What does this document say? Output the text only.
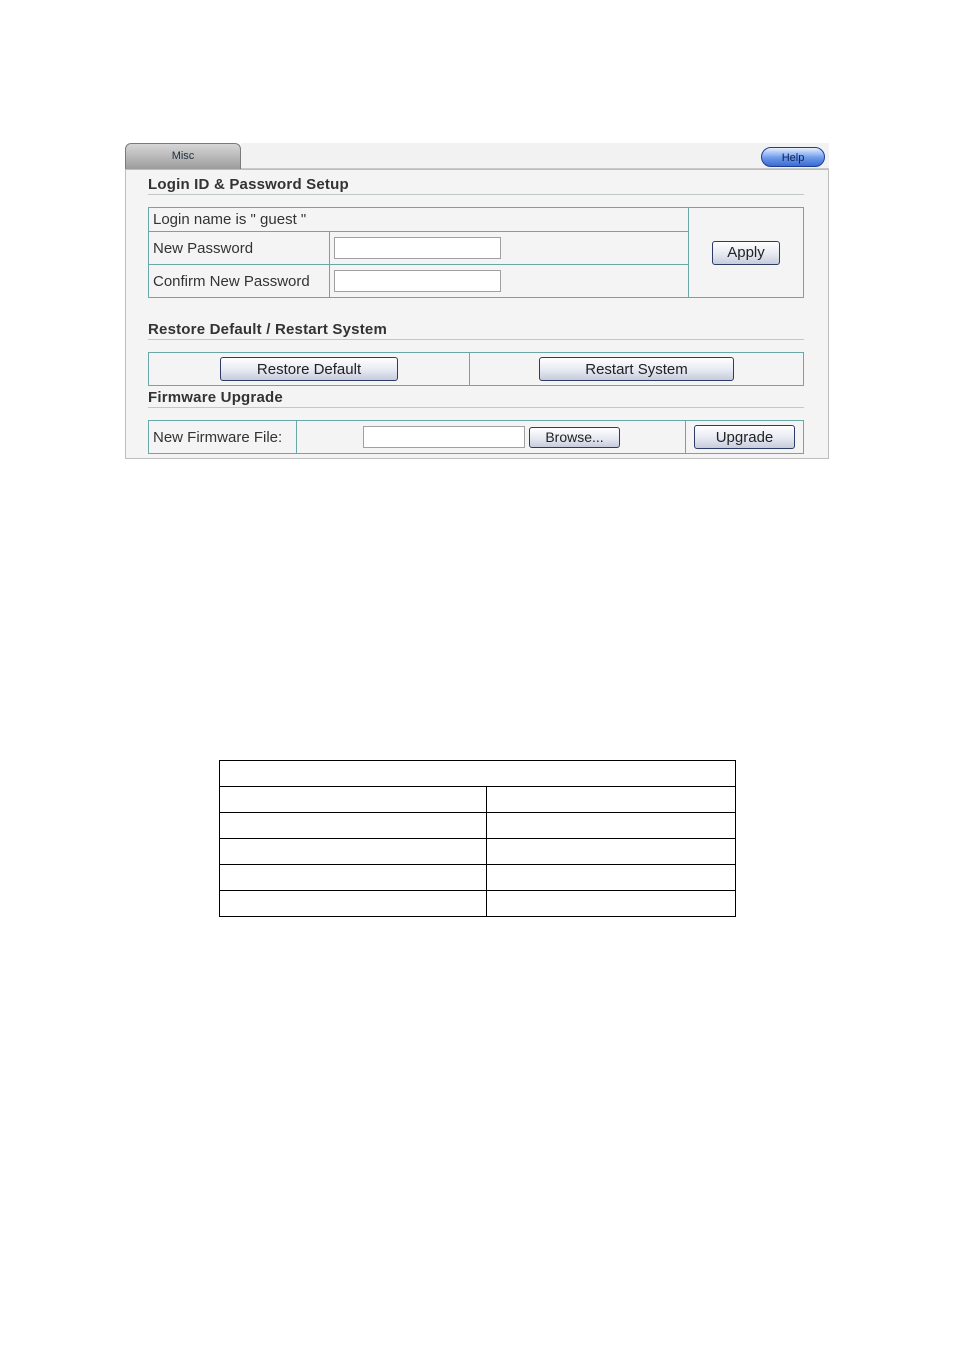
Misc	Help
Login ID & Password Setup
Login name is " guest "		Apply
New Password	
Confirm New Password	
Restore Default / Restart System
Restore Default	Restart System
Firmware Upgrade
New Firmware File:	Browse...	Upgrade
